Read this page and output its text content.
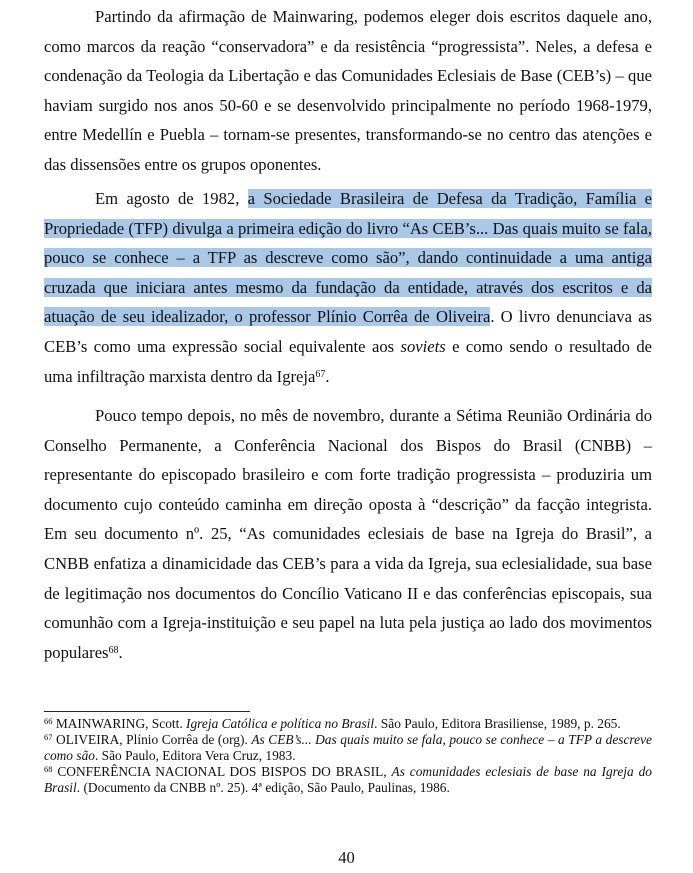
Partindo da afirmação de Mainwaring, podemos eleger dois escritos daquele ano, como marcos da reação “conservadora” e da resistência “progressista”. Neles, a defesa e condenação da Teologia da Libertação e das Comunidades Eclesiais de Base (CEB’s) – que haviam surgido nos anos 50-60 e se desenvolvido principalmente no período 1968-1979, entre Medellín e Puebla – tornam-se presentes, transformando-se no centro das atenções e das dissensões entre os grupos oponentes.

Em agosto de 1982, a Sociedade Brasileira de Defesa da Tradição, Família e Propriedade (TFP) divulga a primeira edição do livro “As CEB’s... Das quais muito se fala, pouco se conhece – a TFP as descreve como são”, dando continuidade a uma antiga cruzada que iniciara antes mesmo da fundação da entidade, através dos escritos e da atuação de seu idealizador, o professor Plínio Corrêa de Oliveira. O livro denunciava as CEB’s como uma expressão social equivalente aos soviets e como sendo o resultado de uma infiltração marxista dentro da Igreja$^{67}$.

Pouco tempo depois, no mês de novembro, durante a Sétima Reunião Ordinária do Conselho Permanente, a Conferência Nacional dos Bispos do Brasil (CNBB) – representante do episcopado brasileiro e com forte tradição progressista – produziria um documento cujo conteúdo caminha em direção oposta à “descrição” da facção integrista. Em seu documento nº. 25, “As comunidades eclesiais de base na Igreja do Brasil”, a CNBB enfatiza a dinamicidade das CEB’s para a vida da Igreja, sua eclesialidade, sua base de legitimação nos documentos do Concílio Vaticano II e das conferências episcopais, sua comunhão com a Igreja-instituição e seu papel na luta pela justiça ao lado dos movimentos populares$^{68}$.

$^{66}$ MAINWARING, Scott. Igreja Católica e política no Brasil. São Paulo, Editora Brasiliense, 1989, p. 265.

$^{67}$ OLIVEIRA, Plínio Corrêa de (org). As CEB’s... Das quais muito se fala, pouco se conhece – a TFP a descreve como são. São Paulo, Editora Vera Cruz, 1983.

$^{68}$ CONFERÊNCIA NACIONAL DOS BISPOS DO BRASIL, As comunidades eclesiais de base na Igreja do Brasil. (Documento da CNBB nº. 25). 4ª edição, São Paulo, Paulinas, 1986.

40
